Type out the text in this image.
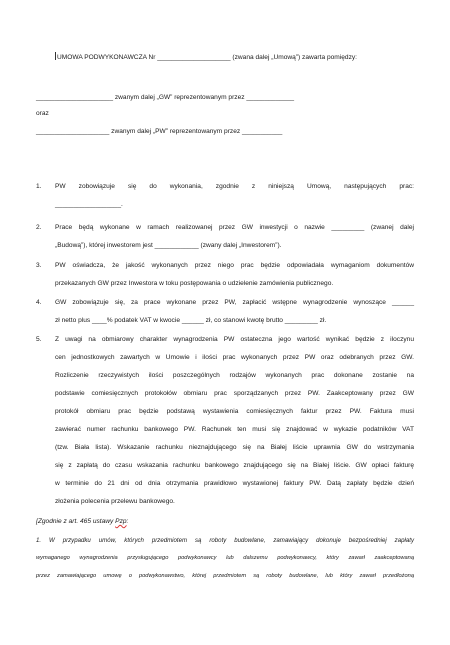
UMOWA PODWYKONAWCZA Nr ____________________ (zwana dalej „Umową”) zawarta pomiędzy:
_____________________ zwanym dalej „GW” reprezentowanym przez _____________
oraz
____________________ zwanym dalej „PW” reprezentowanym przez ___________
1. PW zobowiązuje się do wykonania, zgodnie z niniejszą Umową, następujących prac:
__________________.
2. Prace będą wykonane w ramach realizowanej przez GW inwestycji o nazwie _________ (zwanej dalej
„Budową”), której inwestorem jest ____________ (zwany dalej „Inwestorem”).
3. PW oświadcza, że jakość wykonanych przez niego prac będzie odpowiadała wymaganiom dokumentów
przekazanych GW przez Inwestora w toku postępowania o udzielenie zamówienia publicznego.
4. GW zobowiązuje się, za prace wykonane przez PW, zapłacić wstępne wynagrodzenie wynoszące ______
zł netto plus ____% podatek VAT w kwocie ______ zł, co stanowi kwotę brutto _________ zł.
5. Z uwagi na obmiarowy charakter wynagrodzenia PW ostateczna jego wartość wynikać będzie z iloczynu
cen jednostkowych zawartych w Umowie i ilości prac wykonanych przez PW oraz odebranych przez GW.
Rozliczenie rzeczywistych ilości poszczególnych rodzajów wykonanych prac dokonane zostanie na
podstawie comiesięcznych protokołów obmiaru prac sporządzanych przez PW. Zaakceptowany przez GW
protokół obmiaru prac będzie podstawą wystawienia comiesięcznych faktur przez PW. Faktura musi
zawierać numer rachunku bankowego PW. Rachunek ten musi się znajdować w wykazie podatników VAT
(tzw. Biała lista). Wskazanie rachunku nieznajdującego się na Białej liście uprawnia GW do wstrzymania
się z zapłatą do czasu wskazania rachunku bankowego znajdującego się na Białej liście. GW opłaci fakturę
w terminie do 21 dni od dnia otrzymania prawidłowo wystawionej faktury PW. Datą zapłaty będzie dzień
złożenia polecenia przelewu bankowego.
[Zgodnie z art. 465 ustawy Pzp:
1. W przypadku umów, których przedmiotem są roboty budowlane, zamawiający dokonuje bezpośredniej zapłaty
wymaganego wynagrodzenia przysługującego podwykonawcy lub dalszemu podwykonawcy, który zawarł zaakceptowaną
przez zamawiającego umowę o podwykonawstwo, której przedmiotem są roboty budowlane, lub który zawarł przedłożoną
